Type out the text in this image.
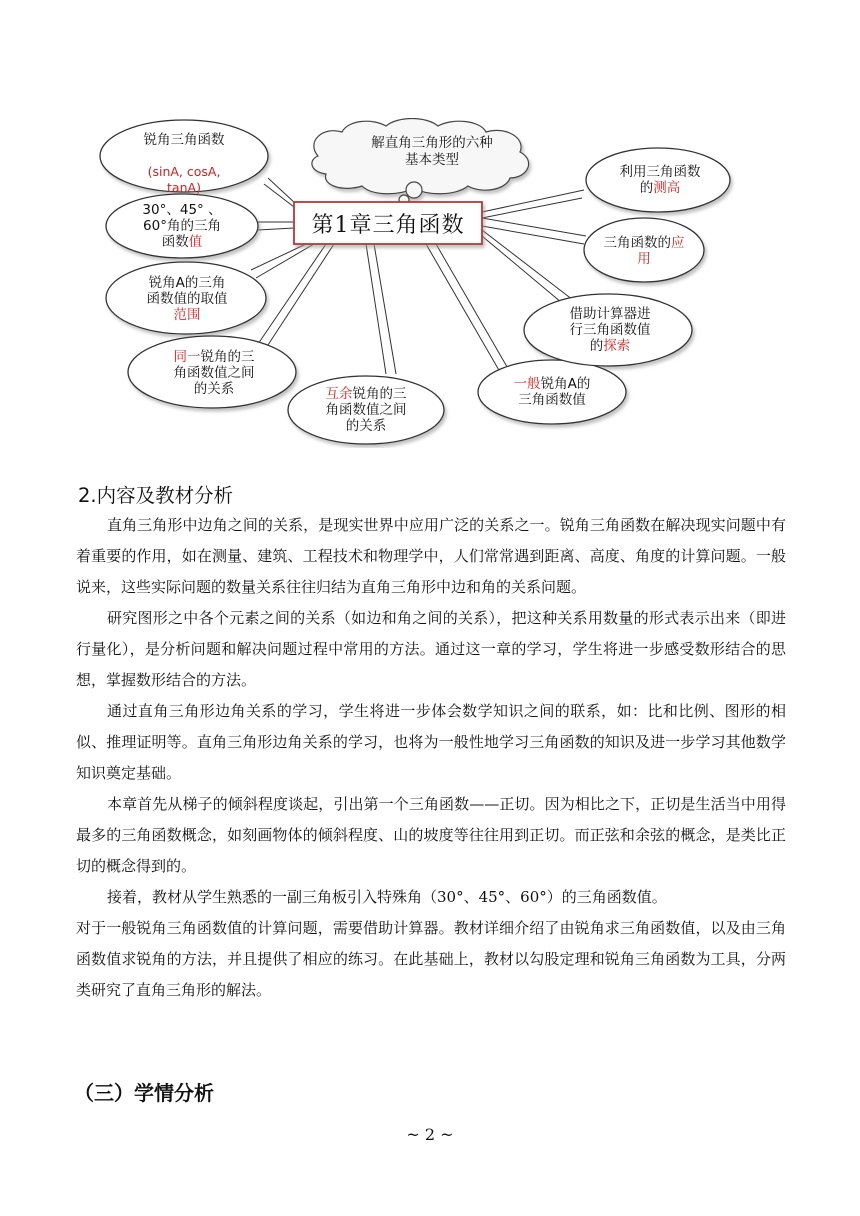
解直角三角形的六种
基本类型
第1章三角函数

锐角三角函数

(sinA, cosA,
tanA)

30°、45° 、
60°角的三角
函数值
锐角A的三角
函数值的取值
范围
同一锐角的三
角函数值之间
的关系	互余锐角的三
角函数值之间
的关系
一般锐角A的
三角函数值
利用三角函数
的测高
三角函数的应
用
借助计算器进
行三角函数值
的探索
2.内容及教材分析

直角三角形中边角之间的关系，是现实世界中应用广泛的关系之一。锐角三角函数在解决现实问题中有着重要的作用，如在测量、建筑、工程技术和物理学中，人们常常遇到距离、高度、角度的计算问题。一般说来，这些实际问题的数量关系往往归结为直角三角形中边和角的关系问题。

研究图形之中各个元素之间的关系（如边和角之间的关系），把这种关系用数量的形式表示出来（即进行量化），是分析问题和解决问题过程中常用的方法。通过这一章的学习，学生将进一步感受数形结合的思想，掌握数形结合的方法。

通过直角三角形边角关系的学习，学生将进一步体会数学知识之间的联系，如：比和比例、图形的相似、推理证明等。直角三角形边角关系的学习，也将为一般性地学习三角函数的知识及进一步学习其他数学知识奠定基础。

本章首先从梯子的倾斜程度谈起，引出第一个三角函数——正切。因为相比之下，正切是生活当中用得最多的三角函数概念，如刻画物体的倾斜程度、山的坡度等往往用到正切。而正弦和余弦的概念，是类比正切的概念得到的。

接着，教材从学生熟悉的一副三角板引入特殊角（30°、45°、60°）的三角函数值。

对于一般锐角三角函数值的计算问题，需要借助计算器。教材详细介绍了由锐角求三角函数值，以及由三角函数值求锐角的方法，并且提供了相应的练习。在此基础上，教材以勾股定理和锐角三角函数为工具，分两类研究了直角三角形的解法。

（三）学情分析
~ 2 ~
